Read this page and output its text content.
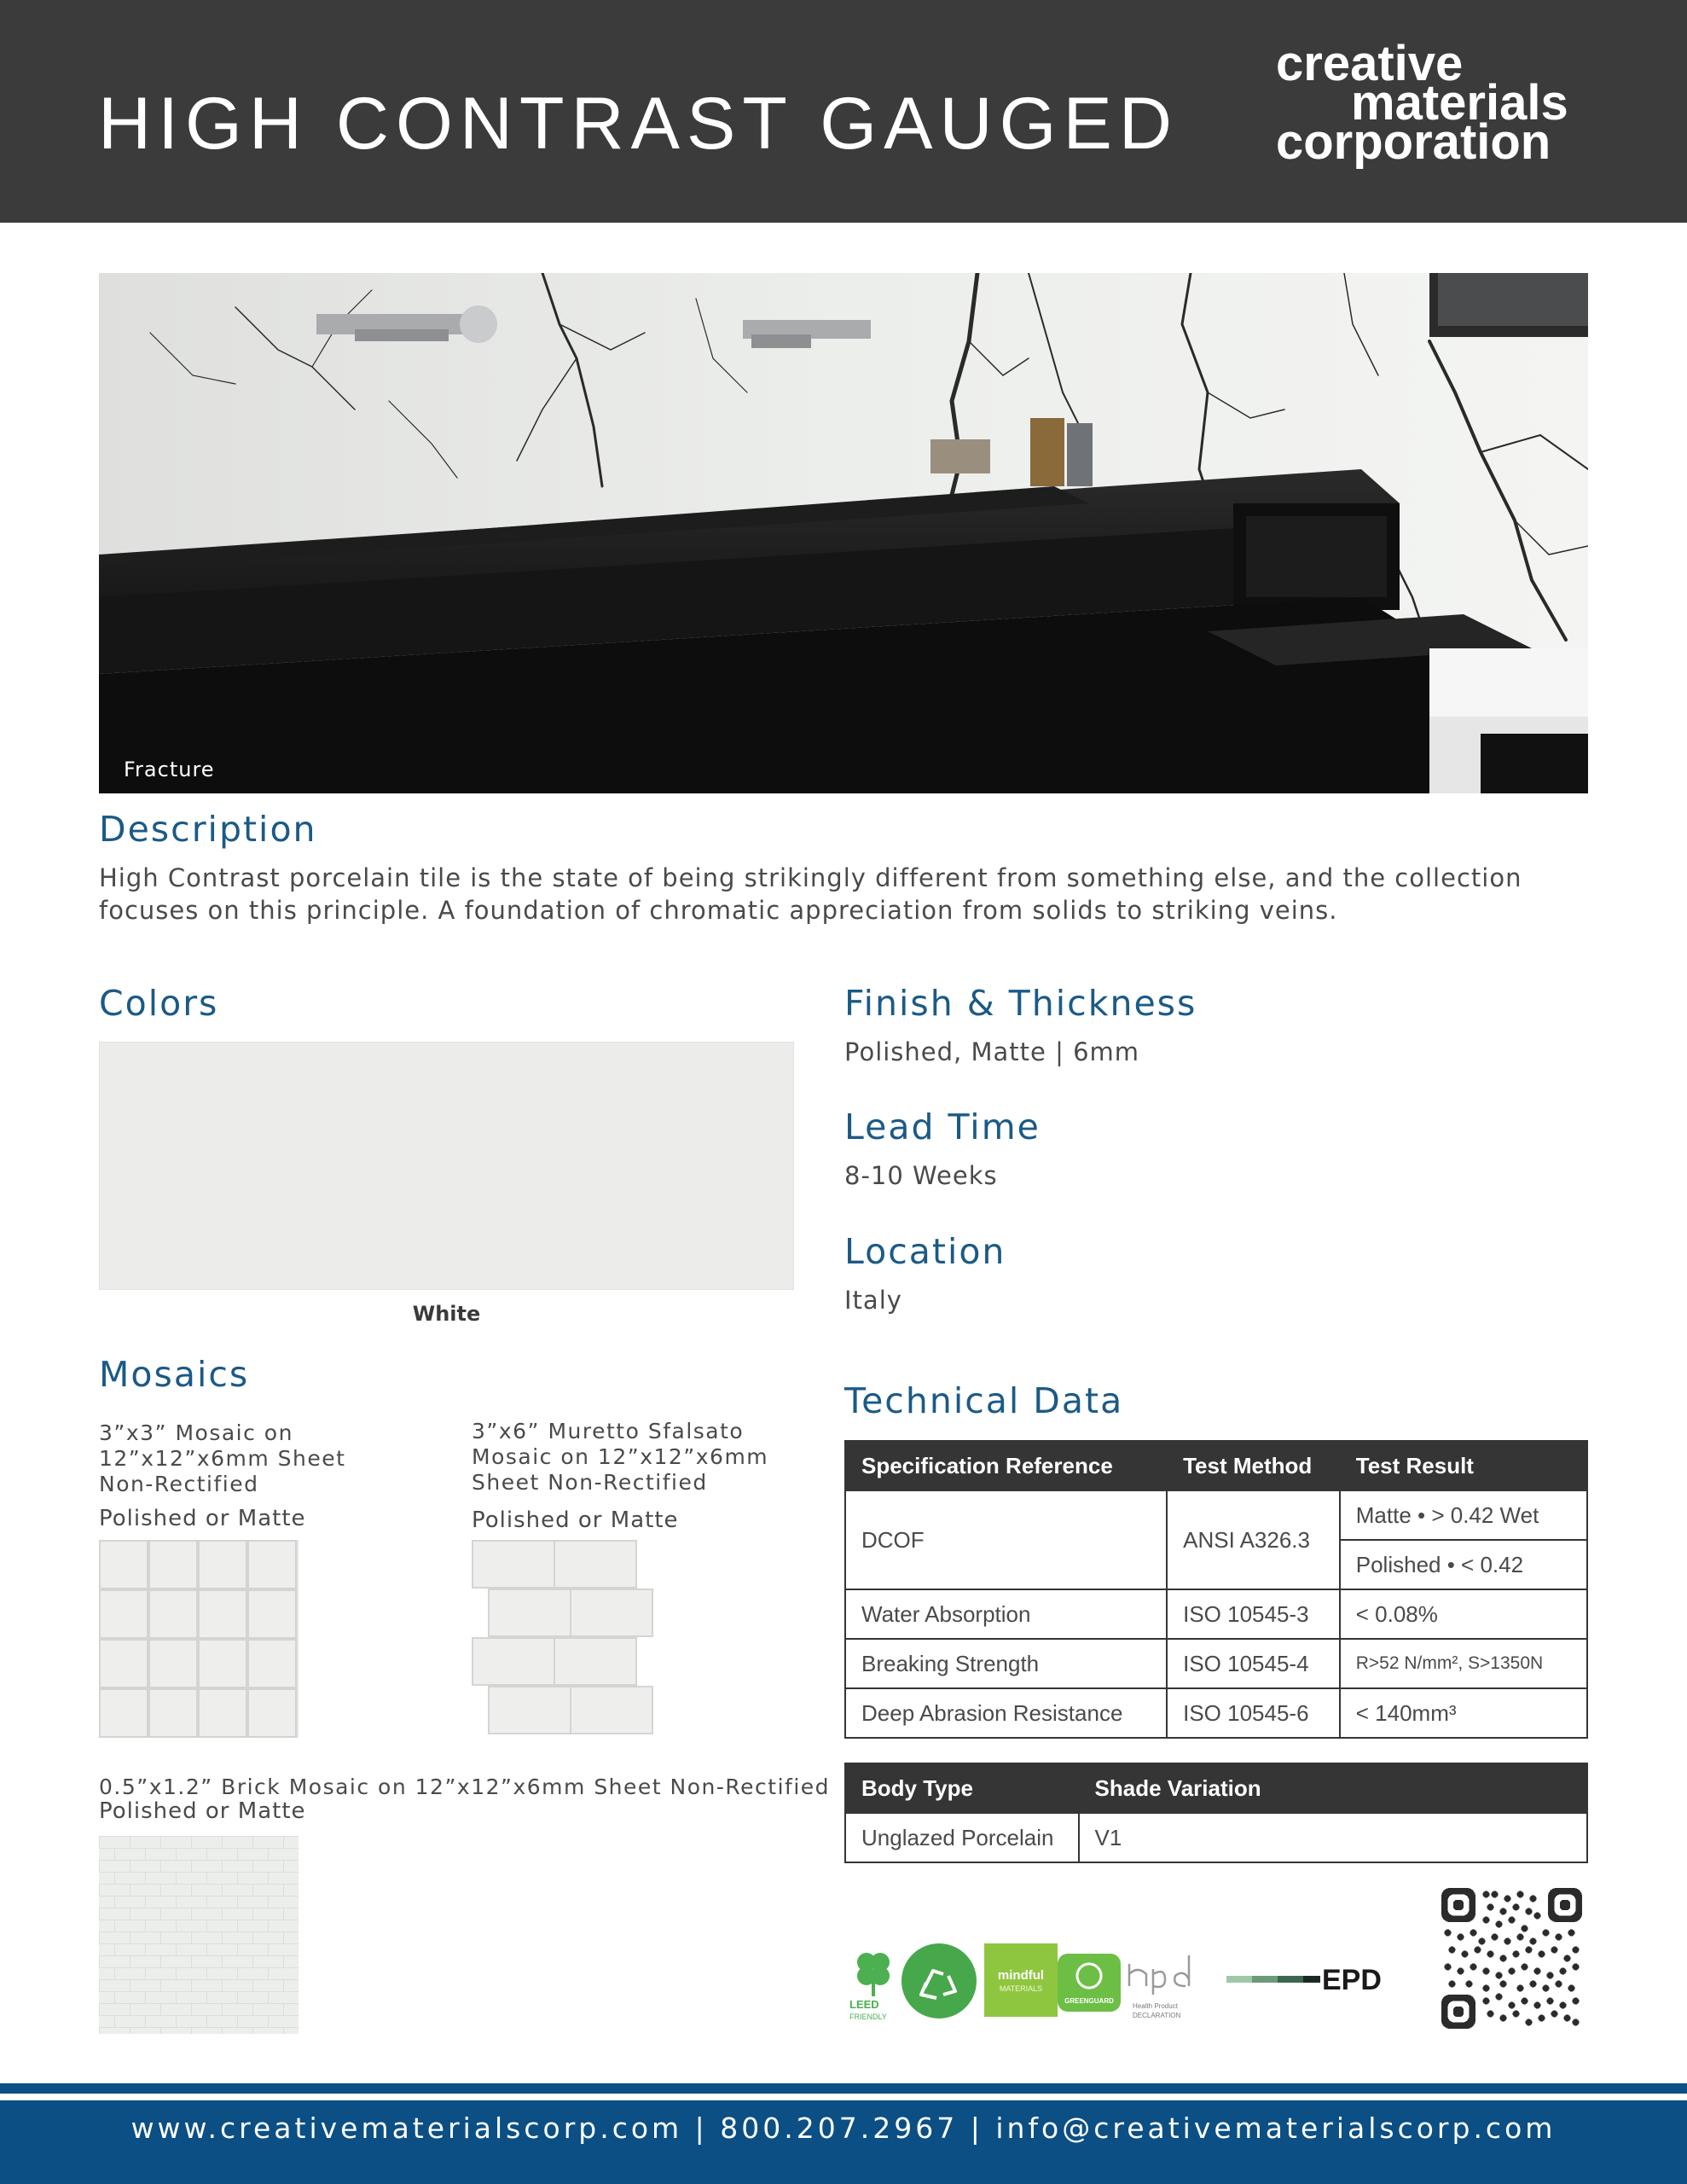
HIGH CONTRAST GAUGED
creative
materials
corporation
Fracture
Description
High Contrast porcelain tile is the state of being strikingly different from something else, and the collection
focuses on this principle. A foundation of chromatic appreciation from solids to striking veins.
Colors
White
Finish & Thickness
Polished, Matte | 6mm
Lead Time
8-10 Weeks
Location
Italy
Mosaics
3”x3” Mosaic on
12”x12”x6mm Sheet
Non-Rectified
Polished or Matte
3”x6” Muretto Sfalsato
Mosaic on 12”x12”x6mm
Sheet Non-Rectified
Polished or Matte
0.5”x1.2” Brick Mosaic on 12”x12”x6mm Sheet Non-Rectified
Polished or Matte
Technical Data
Specification Reference	Test Method	Test Result
DCOF	ANSI A326.3	Matte • > 0.42 Wet
		Polished • < 0.42
Water Absorption	ISO 10545-3	< 0.08%
Breaking Strength	ISO 10545-4	R>52 N/mm², S>1350N
Deep Abrasion Resistance	ISO 10545-6	< 140mm³
Body Type	Shade Variation
Unglazed Porcelain	V1
LEED
FRIENDLY
mindful
MATERIALS
GREENGUARD
Health Product
DECLARATION
EPD
www.creativematerialscorp.com | 800.207.2967 | info@creativematerialscorp.com
